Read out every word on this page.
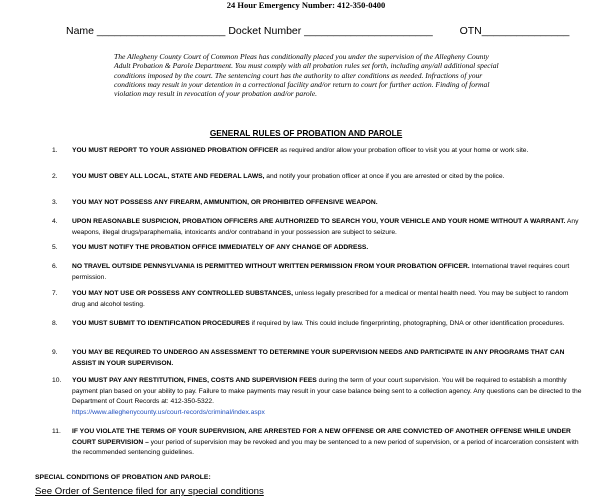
24 Hour Emergency Number: 412-350-0400
Name ______________________ Docket Number ______________________	OTN_______________
The Allegheny County Court of Common Pleas has conditionally placed you under the supervision of the Allegheny County Adult Probation & Parole Department. You must comply with all probation rules set forth, including any/all additional special conditions imposed by the court. The sentencing court has the authority to alter conditions as needed. Infractions of your conditions may result in your detention in a correctional facility and/or return to court for further action. Finding of formal violation may result in revocation of your probation and/or parole.
GENERAL RULES OF PROBATION AND PAROLE
1.	YOU MUST REPORT TO YOUR ASSIGNED PROBATION OFFICER as required and/or allow your probation officer to visit you at your home or work site.
2.	YOU MUST OBEY ALL LOCAL, STATE AND FEDERAL LAWS, and notify your probation officer at once if you are arrested or cited by the police.
3.	YOU MAY NOT POSSESS ANY FIREARM, AMMUNITION, OR PROHIBITED OFFENSIVE WEAPON.
4.	UPON REASONABLE SUSPICION, PROBATION OFFICERS ARE AUTHORIZED TO SEARCH YOU, YOUR VEHICLE AND YOUR HOME WITHOUT A WARRANT. Any weapons, illegal drugs/paraphernalia, intoxicants and/or contraband in your possession are subject to seizure.
5.	YOU MUST NOTIFY THE PROBATION OFFICE IMMEDIATELY OF ANY CHANGE OF ADDRESS.
6.	NO TRAVEL OUTSIDE PENNSYLVANIA IS PERMITTED WITHOUT WRITTEN PERMISSION FROM YOUR PROBATION OFFICER. International travel requires court permission.
7.	YOU MAY NOT USE OR POSSESS ANY CONTROLLED SUBSTANCES, unless legally prescribed for a medical or mental health need. You may be subject to random drug and alcohol testing.
8.	YOU MUST SUBMIT TO IDENTIFICATION PROCEDURES if required by law. This could include fingerprinting, photographing, DNA or other identification procedures.
9.	YOU MAY BE REQUIRED TO UNDERGO AN ASSESSMENT TO DETERMINE YOUR SUPERVISION NEEDS AND PARTICIPATE IN ANY PROGRAMS THAT CAN ASSIST IN YOUR SUPERVISON.
10.	YOU MUST PAY ANY RESTITUTION, FINES, COSTS AND SUPERVISION FEES during the term of your court supervision. You will be required to establish a monthly payment plan based on your ability to pay. Failure to make payments may result in your case balance being sent to a collection agency. Any questions can be directed to the Department of Court Records at: 412-350-5322.
https://www.alleghenycounty.us/court-records/criminal/index.aspx
11.	IF YOU VIOLATE THE TERMS OF YOUR SUPERVISION, ARE ARRESTED FOR A NEW OFFENSE OR ARE CONVICTED OF ANOTHER OFFENSE WHILE UNDER COURT SUPERVISION – your period of supervision may be revoked and you may be sentenced to a new period of supervision, or a period of incarceration consistent with the recommended sentencing guidelines.
SPECIAL CONDITIONS OF PROBATION AND PAROLE:
See Order of Sentence filed for any special conditions
